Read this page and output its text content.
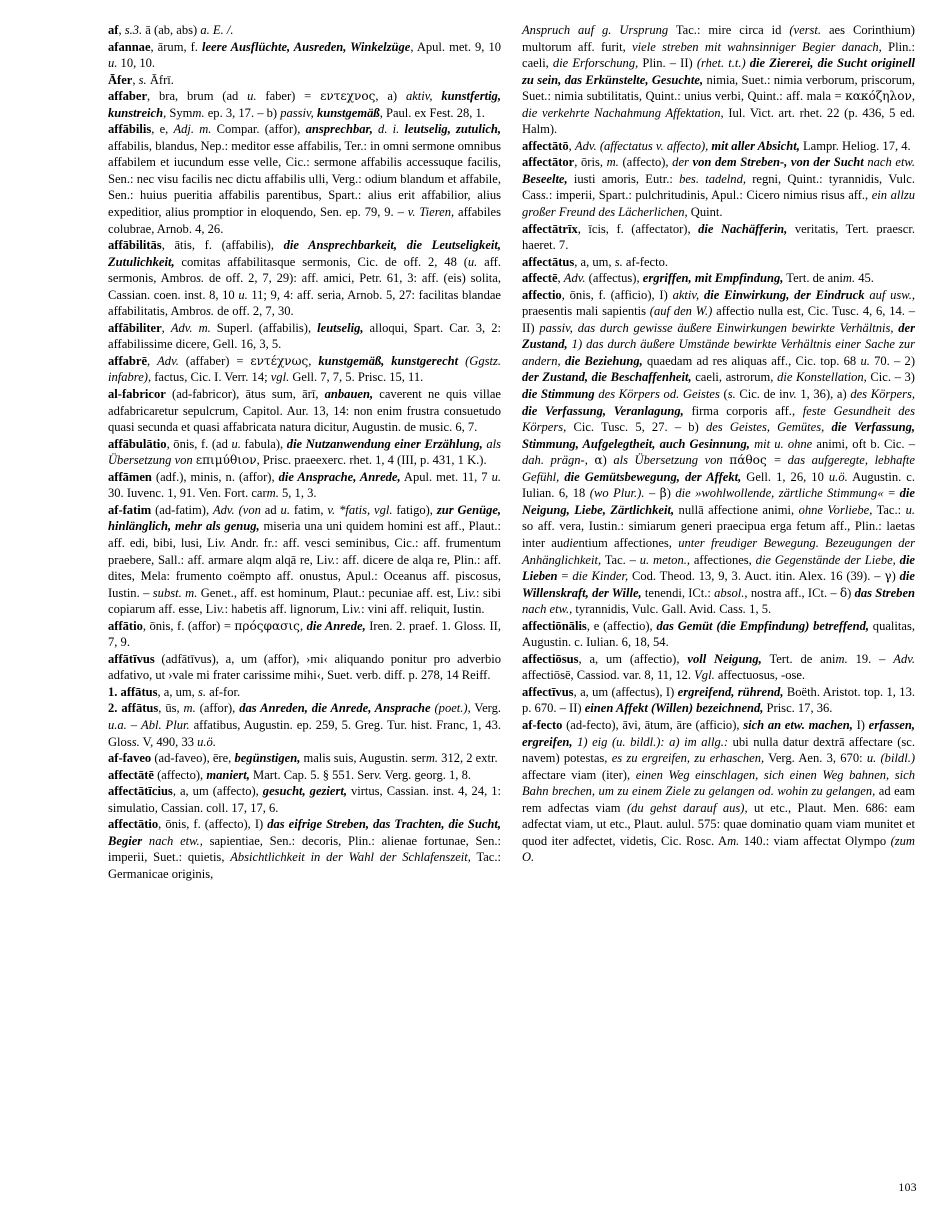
af, s.3. ā (ab, abs) a. E. /.

afannae, ārum, f. leere Ausflüchte, Ausreden, Winkelzüge, Apul. met. 9, 10 u. 10, 10.

Āfer, s. Āfrī.

affaber, bra, brum (ad u. faber) = εντεχνος, a) aktiv, kunstfertig, kunstreich, Symm. ep. 3, 17. – b) passiv, kunstgemäß, Paul. ex Fest. 28, 1.

affābilis, e, Adj. m. Compar. (affor), ansprechbar, d. i. leutselig, zutulich, affabilis, blandus, Nep.: meditor esse affabilis, Ter.: in omni sermone omnibus affabilem et iucundum esse velle, Cic.: sermone affabilis accessuque facilis, Sen.: nec visu facilis nec dictu affabilis ulli, Verg.: odium blandum et affabile, Sen.: huius pueritia affabilis parentibus, Spart.: alius erit affabilior, alius expeditior, alius promptior in eloquendo, Sen. ep. 79, 9. – v. Tieren, affabiles colubrae, Arnob. 4, 26.

affābilitās, ātis, f. (affabilis), die Ansprechbarkeit, die Leutseligkeit, Zutulichkeit, comitas affabilitasque sermonis, Cic. de off. 2, 48 (u. aff. sermonis, Ambros. de off. 2, 7, 29): aff. amici, Petr. 61, 3: aff. (eis) solita, Cassian. coen. inst. 8, 10 u. 11; 9, 4: aff. seria, Arnob. 5, 27: facilitas blandae affabilitatis, Ambros. de off. 2, 7, 30.

affābiliter, Adv. m. Superl. (affabilis), leutselig, alloqui, Spart. Car. 3, 2: affabilissime dicere, Gell. 16, 3, 5.

affabrē, Adv. (affaber) = εντέχνως, kunstgemäß, kunstgerecht (Ggstz. infabre), factus, Cic. I. Verr. 14; vgl. Gell. 7, 7, 5. Prisc. 15, 11.

al-fabricor (ad-fabricor), ātus sum, ārī, anbauen, caverent ne quis villae adfabricaretur sepulcrum, Capitol. Aur. 13, 14: non enim frustra consuetudo quasi secunda et quasi affabricata natura dicitur, Augustin. de music. 6, 7.

affābulātio, ōnis, f. (ad u. fabula), die Nutzanwendung einer Erzählung, als Übersetzung von επιμύθιον, Prisc. praeexerc. rhet. 1, 4 (III, p. 431, 1 K.).

affāmen (adf.), minis, n. (affor), die Ansprache, Anrede, Apul. met. 11, 7 u. 30. Iuvenc. 1, 91. Ven. Fort. carm. 5, 1, 3.

af-fatim (ad-fatim), Adv. (von ad u. fatim, v. *fatis, vgl. fatigo), zur Genüge, hinlänglich, mehr als genug, miseria una uni quidem homini est aff., Plaut.: aff. edi, bibi, lusi, Liv. Andr. fr.: aff. vesci seminibus, Cic.: aff. frumentum praebere, Sall.: aff. armare alqm alqā re, Liv.: aff. dicere de alqa re, Plin.: aff. dites, Mela: frumento coëmpto aff. onustus, Apul.: Oceanus aff. piscosus, Iustin. – subst. m. Genet., aff. est hominum, Plaut.: pecuniae aff. est, Liv.: sibi copiarum aff. esse, Liv.: habetis aff. lignorum, Liv.: vini aff. reliquit, Iustin.

affātio, ōnis, f. (affor) = πρόςφασις, die Anrede, Iren. 2. praef. 1. Gloss. II, 7, 9.

affātīvus (adfātīvus), a, um (affor), ›mi‹ aliquando ponitur pro adverbio adfativo, ut ›vale mi frater carissime mihi‹, Suet. verb. diff. p. 278, 14 Reiff.

1. affātus, a, um, s. af-for.

2. affātus, ūs, m. (affor), das Anreden, die Anrede, Ansprache (poet.), Verg. u.a. – Abl. Plur. affatibus, Augustin. ep. 259, 5. Greg. Tur. hist. Franc, 1, 43. Gloss. V, 490, 33 u.ö.

af-faveo (ad-faveo), ēre, begünstigen, malis suis, Augustin. serm. 312, 2 extr.

affectātē (affecto), maniert, Mart. Cap. 5. § 551. Serv. Verg. georg. 1, 8.

affectātīcius, a, um (affecto), gesucht, geziert, virtus, Cassian. inst. 4, 24, 1: simulatio, Cassian. coll. 17, 17, 6.

affectātio, ōnis, f. (affecto), I) das eifrige Streben, das Trachten, die Sucht, Begier nach etw., sapientiae, Sen.: decoris, Plin.: alienae fortunae, Sen.: imperii, Suet.: quietis, Absichtlichkeit in der Wahl der Schlafenszeit, Tac.: Germanicae originis,

Anspruch auf g. Ursprung Tac.: mire circa id (verst. aes Corinthium) multorum aff. furit, viele streben mit wahnsinniger Begier danach, Plin.: caeli, die Erforschung, Plin. – II) (rhet. t.t.) die Ziererei, die Sucht originell zu sein, das Erkünstelte, Gesuchte, nimia, Suet.: nimia verborum, priscorum, Suet.: nimia subtilitatis, Quint.: unius verbi, Quint.: aff. mala = κακόζηλον, die verkehrte Nachahmung Affektation, Iul. Vict. art. rhet. 22 (p. 436, 5 ed. Halm).

affectātō, Adv. (affectatus v. affecto), mit aller Absicht, Lampr. Heliog. 17, 4.

affectātor, ōris, m. (affecto), der von dem Streben-, von der Sucht nach etw. Beseelte, iusti amoris, Eutr.: bes. tadelnd, regni, Quint.: tyrannidis, Vulc. Cass.: imperii, Spart.: pulchritudinis, Apul.: Cicero nimius risus aff., ein allzu großer Freund des Lächerlichen, Quint.

affectātrīx, īcis, f. (affectator), die Nachäfferin, veritatis, Tert. praescr. haeret. 7.

affectātus, a, um, s. af-fecto.

affectē, Adv. (affectus), ergriffen, mit Empfindung, Tert. de anim. 45.

affectio, ōnis, f. (afficio), I) aktiv, die Einwirkung, der Eindruck auf usw., praesentis mali sapientis (auf den W.) affectio nulla est, Cic. Tusc. 4, 6, 14. – II) passiv, das durch gewisse äußere Einwirkungen bewirkte Verhältnis, der Zustand, 1) das durch äußere Umstände bewirkte Verhältnis einer Sache zur andern, die Beziehung, quaedam ad res aliquas aff., Cic. top. 68 u. 70. – 2) der Zustand, die Beschaffenheit, caeli, astrorum, die Konstellation, Cic. – 3) die Stimmung des Körpers od. Geistes (s. Cic. de inv. 1, 36), a) des Körpers, die Verfassung, Veranlagung, firma corporis aff., feste Gesundheit des Körpers, Cic. Tusc. 5, 27. – b) des Geistes, Gemütes, die Verfassung, Stimmung, Aufgelegtheit, auch Gesinnung, mit u. ohne animi, oft b. Cic. – dah. prägn-, α) als Übersetzung von πάθος = das aufgeregte, lebhafte Gefühl, die Gemütsbewegung, der Affekt, Gell. 1, 26, 10 u.ö. Augustin. c. Iulian. 6, 18 (wo Plur.). – β) die »wohlwollende, zärtliche Stimmung« = die Neigung, Liebe, Zärtlichkeit, nullā affectione animi, ohne Vorliebe, Tac.: u. so aff. vera, Iustin.: simiarum generi praecipua erga fetum aff., Plin.: laetas inter audientium affectiones, unter freudiger Bewegung. Bezeugungen der Anhänglichkeit, Tac. – u. meton., affectiones, die Gegenstände der Liebe, die Lieben = die Kinder, Cod. Theod. 13, 9, 3. Auct. itin. Alex. 16 (39). – γ) die Willenskraft, der Wille, tenendi, ICt.: absol., nostra aff., ICt. – δ) das Streben nach etw., tyrannidis, Vulc. Gall. Avid. Cass. 1, 5.

affectiōnālis, e (affectio), das Gemüt (die Empfindung) betreffend, qualitas, Augustin. c. Iulian. 6, 18, 54.

affectiōsus, a, um (affectio), voll Neigung, Tert. de anim. 19. – Adv. affectiōsē, Cassiod. var. 8, 11, 12. Vgl. affectuosus, -ose.

affectīvus, a, um (affectus), I) ergreifend, rührend, Boëth. Aristot. top. 1, 13. p. 670. – II) einen Affekt (Willen) bezeichnend, Prisc. 17, 36.

af-fecto (ad-fecto), āvi, ātum, āre (afficio), sich an etw. machen, I) erfassen, ergreifen, 1) eig (u. bildl.): a) im allg.: ubi nulla datur dextrā affectare (sc. navem) potestas, es zu ergreifen, zu erhaschen, Verg. Aen. 3, 670: u. (bildl.) affectare viam (iter), einen Weg einschlagen, sich einen Weg bahnen, sich Bahn brechen, um zu einem Ziele zu gelangen od. wohin zu gelangen, ad eam rem adfectas viam (du gehst darauf aus), ut etc., Plaut. Men. 686: eam adfectat viam, ut etc., Plaut. aulul. 575: quae dominatio quam viam munitet et quod iter adfectet, videtis, Cic. Rosc. Am. 140.: viam affectat Olympo (zum O.

103
